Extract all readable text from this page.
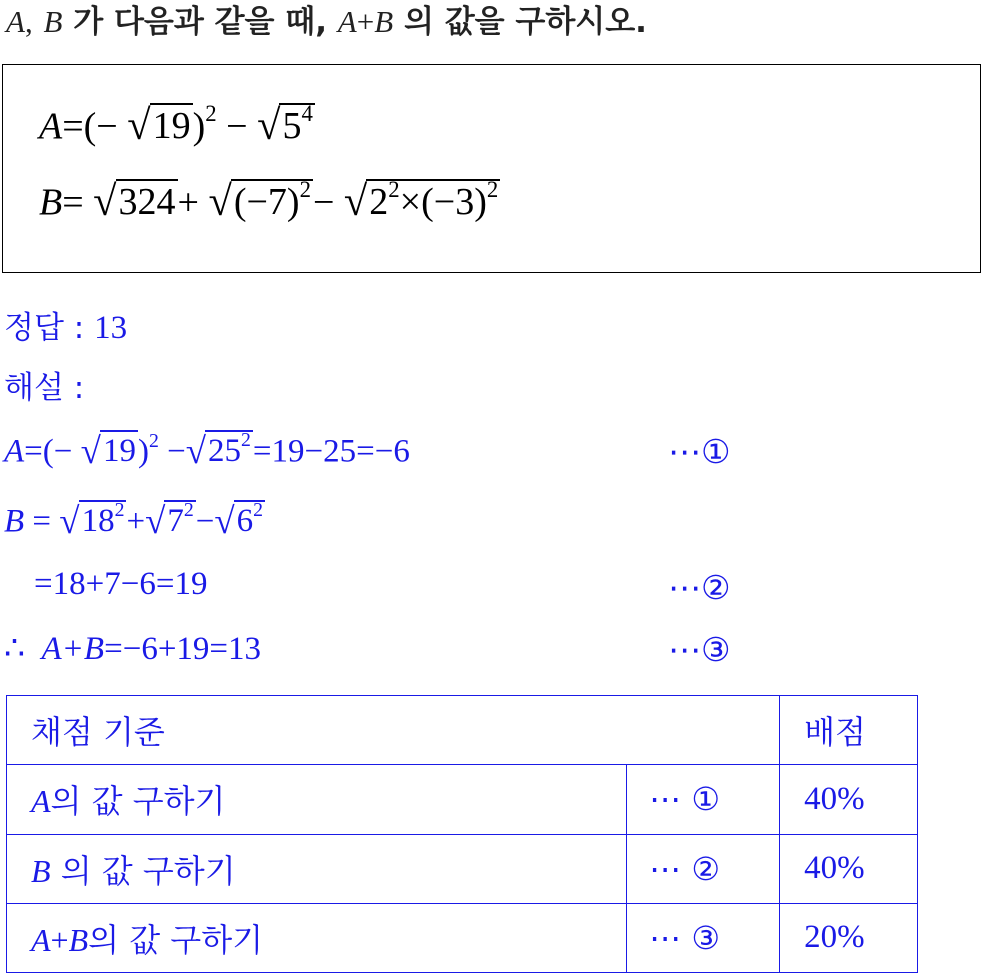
A, B 가 다음과 같을 때, A+B 의 값을 구하시오.
A=(− √ 19 )$^2$ − √ $5^4$
B= √ 324 + √ $(-7)^2$ − √ $2^2\times(-3)^2$
정답 : 13
해설 :
A=(− √ 19 )$^2$ − √ $25^2 =19-25=-6$	⋯①
B = √ $18^2$ + √ $7^2$ − √ $6^2$
=18+7−6=19	⋯②
∴ A+B=−6+19=13	⋯③
채점 기준		배점
A의 값 구하기	⋯ ①	40%
B 의 값 구하기	⋯ ②	40%
A+B의 값 구하기	⋯ ③	20%
